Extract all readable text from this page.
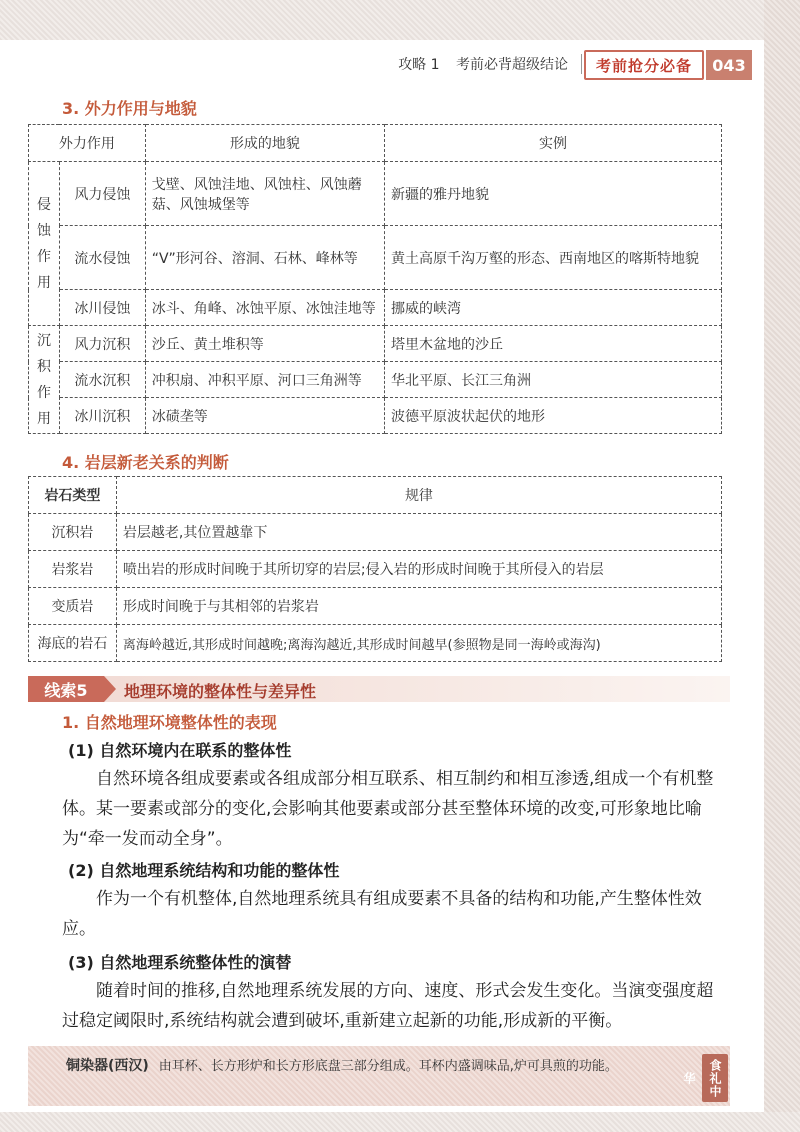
攻略 1 考前必背超级结论	考前抢分必备	043
3. 外力作用与地貌
外力作用		形成的地貌	实例
侵
蚀
作
用	风力侵蚀	戈壁、风蚀洼地、风蚀柱、风蚀蘑菇、风蚀城堡等	新疆的雅丹地貌
	流水侵蚀	“V”形河谷、溶洞、石林、峰林等	黄土高原千沟万壑的形态、西南地区的喀斯特地貌
	冰川侵蚀	冰斗、角峰、冰蚀平原、冰蚀洼地等	挪威的峡湾
沉
积
作
用	风力沉积	沙丘、黄土堆积等	塔里木盆地的沙丘
	流水沉积	冲积扇、冲积平原、河口三角洲等	华北平原、长江三角洲
	冰川沉积	冰碛垄等	波德平原波状起伏的地形
4. 岩层新老关系的判断
岩石类型	规律
沉积岩	岩层越老,其位置越靠下
岩浆岩	喷出岩的形成时间晚于其所切穿的岩层;侵入岩的形成时间晚于其所侵入的岩层
变质岩	形成时间晚于与其相邻的岩浆岩
海底的岩石	离海岭越近,其形成时间越晚;离海沟越近,其形成时间越早(参照物是同一海岭或海沟)
线索5	地理环境的整体性与差异性
1. 自然地理环境整体性的表现
(1) 自然环境内在联系的整体性
自然环境各组成要素或各组成部分相互联系、相互制约和相互渗透,组成一个有机整体。某一要素或部分的变化,会影响其他要素或部分甚至整体环境的改变,可形象地比喻为“牵一发而动全身”。
(2) 自然地理系统结构和功能的整体性
作为一个有机整体,自然地理系统具有组成要素不具备的结构和功能,产生整体性效应。
(3) 自然地理系统整体性的演替
随着时间的推移,自然地理系统发展的方向、速度、形式会发生变化。当演变强度超过稳定阈限时,系统结构就会遭到破坏,重新建立起新的功能,形成新的平衡。
铜染器(西汉) 由耳杯、长方形炉和长方形底盘三部分组成。耳杯内盛调味品,炉可具煎的功能。	食礼中华
